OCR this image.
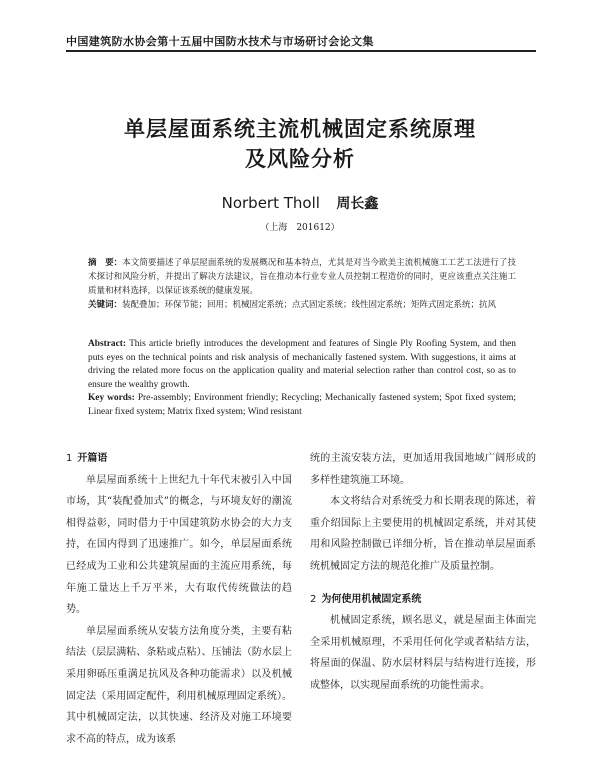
中国建筑防水协会第十五届中国防水技术与市场研讨会论文集
单层屋面系统主流机械固定系统原理
及风险分析
Norbert Tholl 周长鑫
（上海　201612）
摘　要：本文简要描述了单层屋面系统的发展概况和基本特点，尤其是对当今欧美主流机械施工工艺工法进行了技术探讨和风险分析，并提出了解决方法建议，旨在推动本行业专业人员控制工程造价的同时，更应该重点关注施工质量和材料选择，以保证该系统的健康发展。
关键词：装配叠加；环保节能；回用；机械固定系统；点式固定系统；线性固定系统；矩阵式固定系统；抗风
Abstract: This article briefly introduces the development and features of Single Ply Roofing System, and then puts eyes on the technical points and risk analysis of mechanically fastened system. With suggestions, it aims at driving the related more focus on the application quality and material selection rather than control cost, so as to ensure the wealthy growth.
Key words: Pre-assembly; Environment friendly; Recycling; Mechanically fastened system; Spot fixed system; Linear fixed system; Matrix fixed system; Wind resistant
1 开篇语

单层屋面系统十上世纪九十年代末被引入中国市场，其“装配叠加式”的概念，与环境友好的潮流相得益彰，同时借力于中国建筑防水协会的大力支持，在国内得到了迅速推广。如今，单层屋面系统已经成为工业和公共建筑屋面的主流应用系统，每年施工量达上千万平米，大有取代传统做法的趋势。

单层屋面系统从安装方法角度分类，主要有粘结法（层层满粘、条粘或点粘）、压铺法（防水层上采用卵砾压重满足抗风及各种功能需求）以及机械固定法（采用固定配件，利用机械原理固定系统）。其中机械固定法，以其快速、经济及对施工环境要求不高的特点，成为该系

统的主流安装方法，更加适用我国地域广阔形成的多样性建筑施工环境。

本文将结合对系统受力和长期表现的陈述，着重介绍国际上主要使用的机械固定系统，并对其使用和风险控制做已详细分析，旨在推动单层屋面系统机械固定方法的规范化推广及质量控制。

2 为何使用机械固定系统

机械固定系统，顾名思义，就是屋面主体面完全采用机械原理，不采用任何化学或者粘结方法，将屋面的保温、防水层材料层与结构进行连接，形成整体，以实现屋面系统的功能性需求。
